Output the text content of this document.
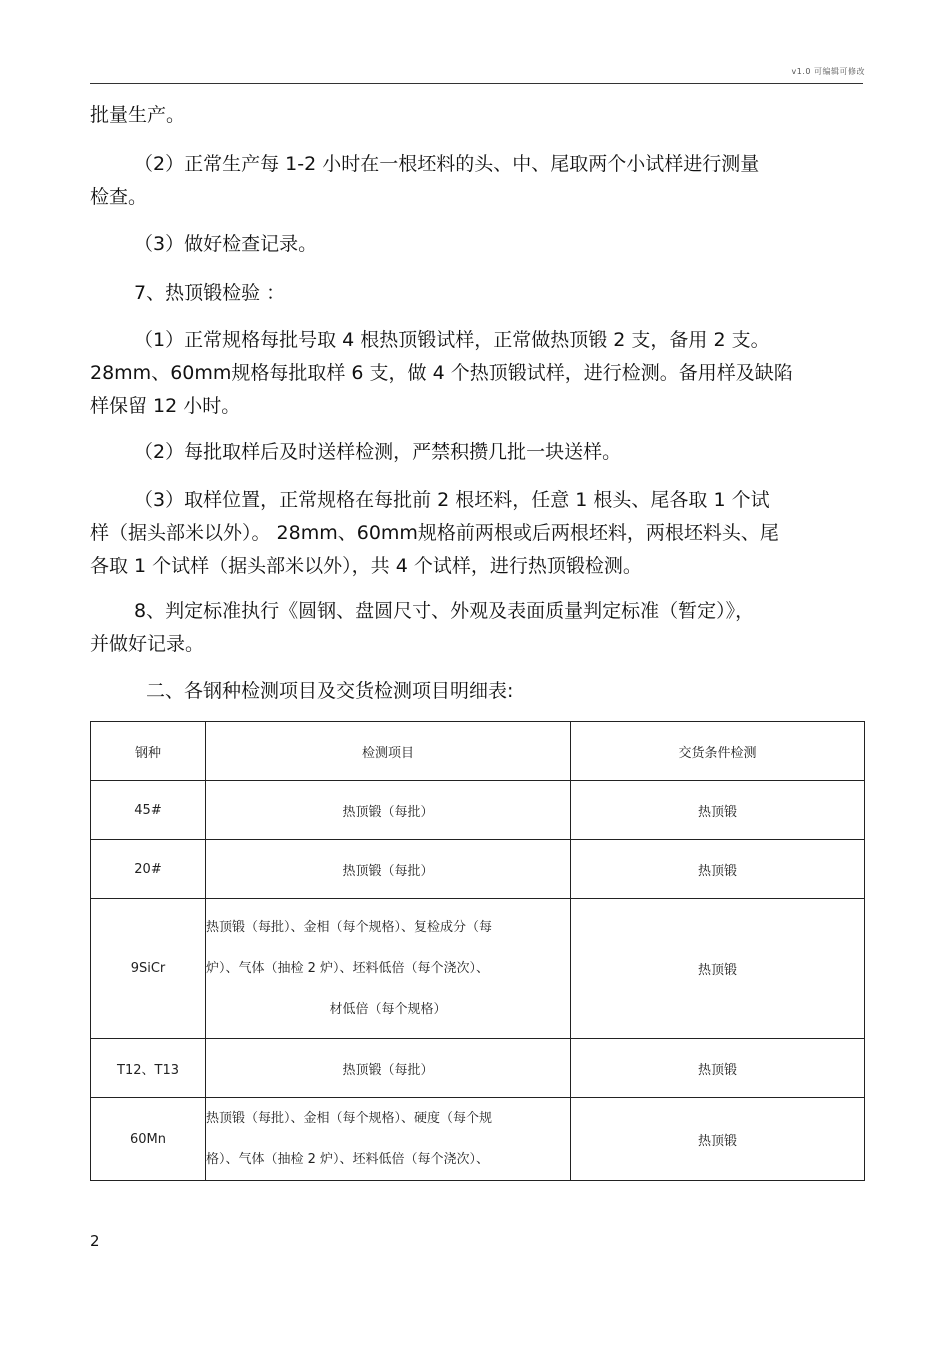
v1.0 可编辑可修改
批量生产。
（2）正常生产每 1-2 小时在一根坯料的头、中、尾取两个小试样进行测量
检查。
（3）做好检查记录。
7、热顶锻检验 ：
（1）正常规格每批号取 4 根热顶锻试样，正常做热顶锻 2 支，备用 2 支。
28mm、60mm规格每批取样 6 支，做 4 个热顶锻试样，进行检测。备用样及缺陷
样保留 12 小时。
（2）每批取样后及时送样检测，严禁积攒几批一块送样。
（3）取样位置，正常规格在每批前 2 根坯料，任意 1 根头、尾各取 1 个试
样（据头部米以外）。 28mm、60mm规格前两根或后两根坯料，两根坯料头、尾
各取 1 个试样（据头部米以外），共 4 个试样，进行热顶锻检测。
8、判定标准执行《圆钢、盘圆尺寸、外观及表面质量判定标准（暂定）》，
并做好记录。
二、各钢种检测项目及交货检测项目明细表:
钢种	检测项目	交货条件检测
45#	热顶锻（每批）	热顶锻
20#	热顶锻（每批）	热顶锻
9SiCr	热顶锻（每批）、金相（每个规格）、复检成分（每
炉）、气体（抽检 2 炉）、坯料低倍（每个浇次）、
材低倍（每个规格）	热顶锻
T12、T13	热顶锻（每批）	热顶锻
60Mn	热顶锻（每批）、金相（每个规格）、硬度（每个规
格）、气体（抽检 2 炉）、坯料低倍（每个浇次）、	热顶锻
2
